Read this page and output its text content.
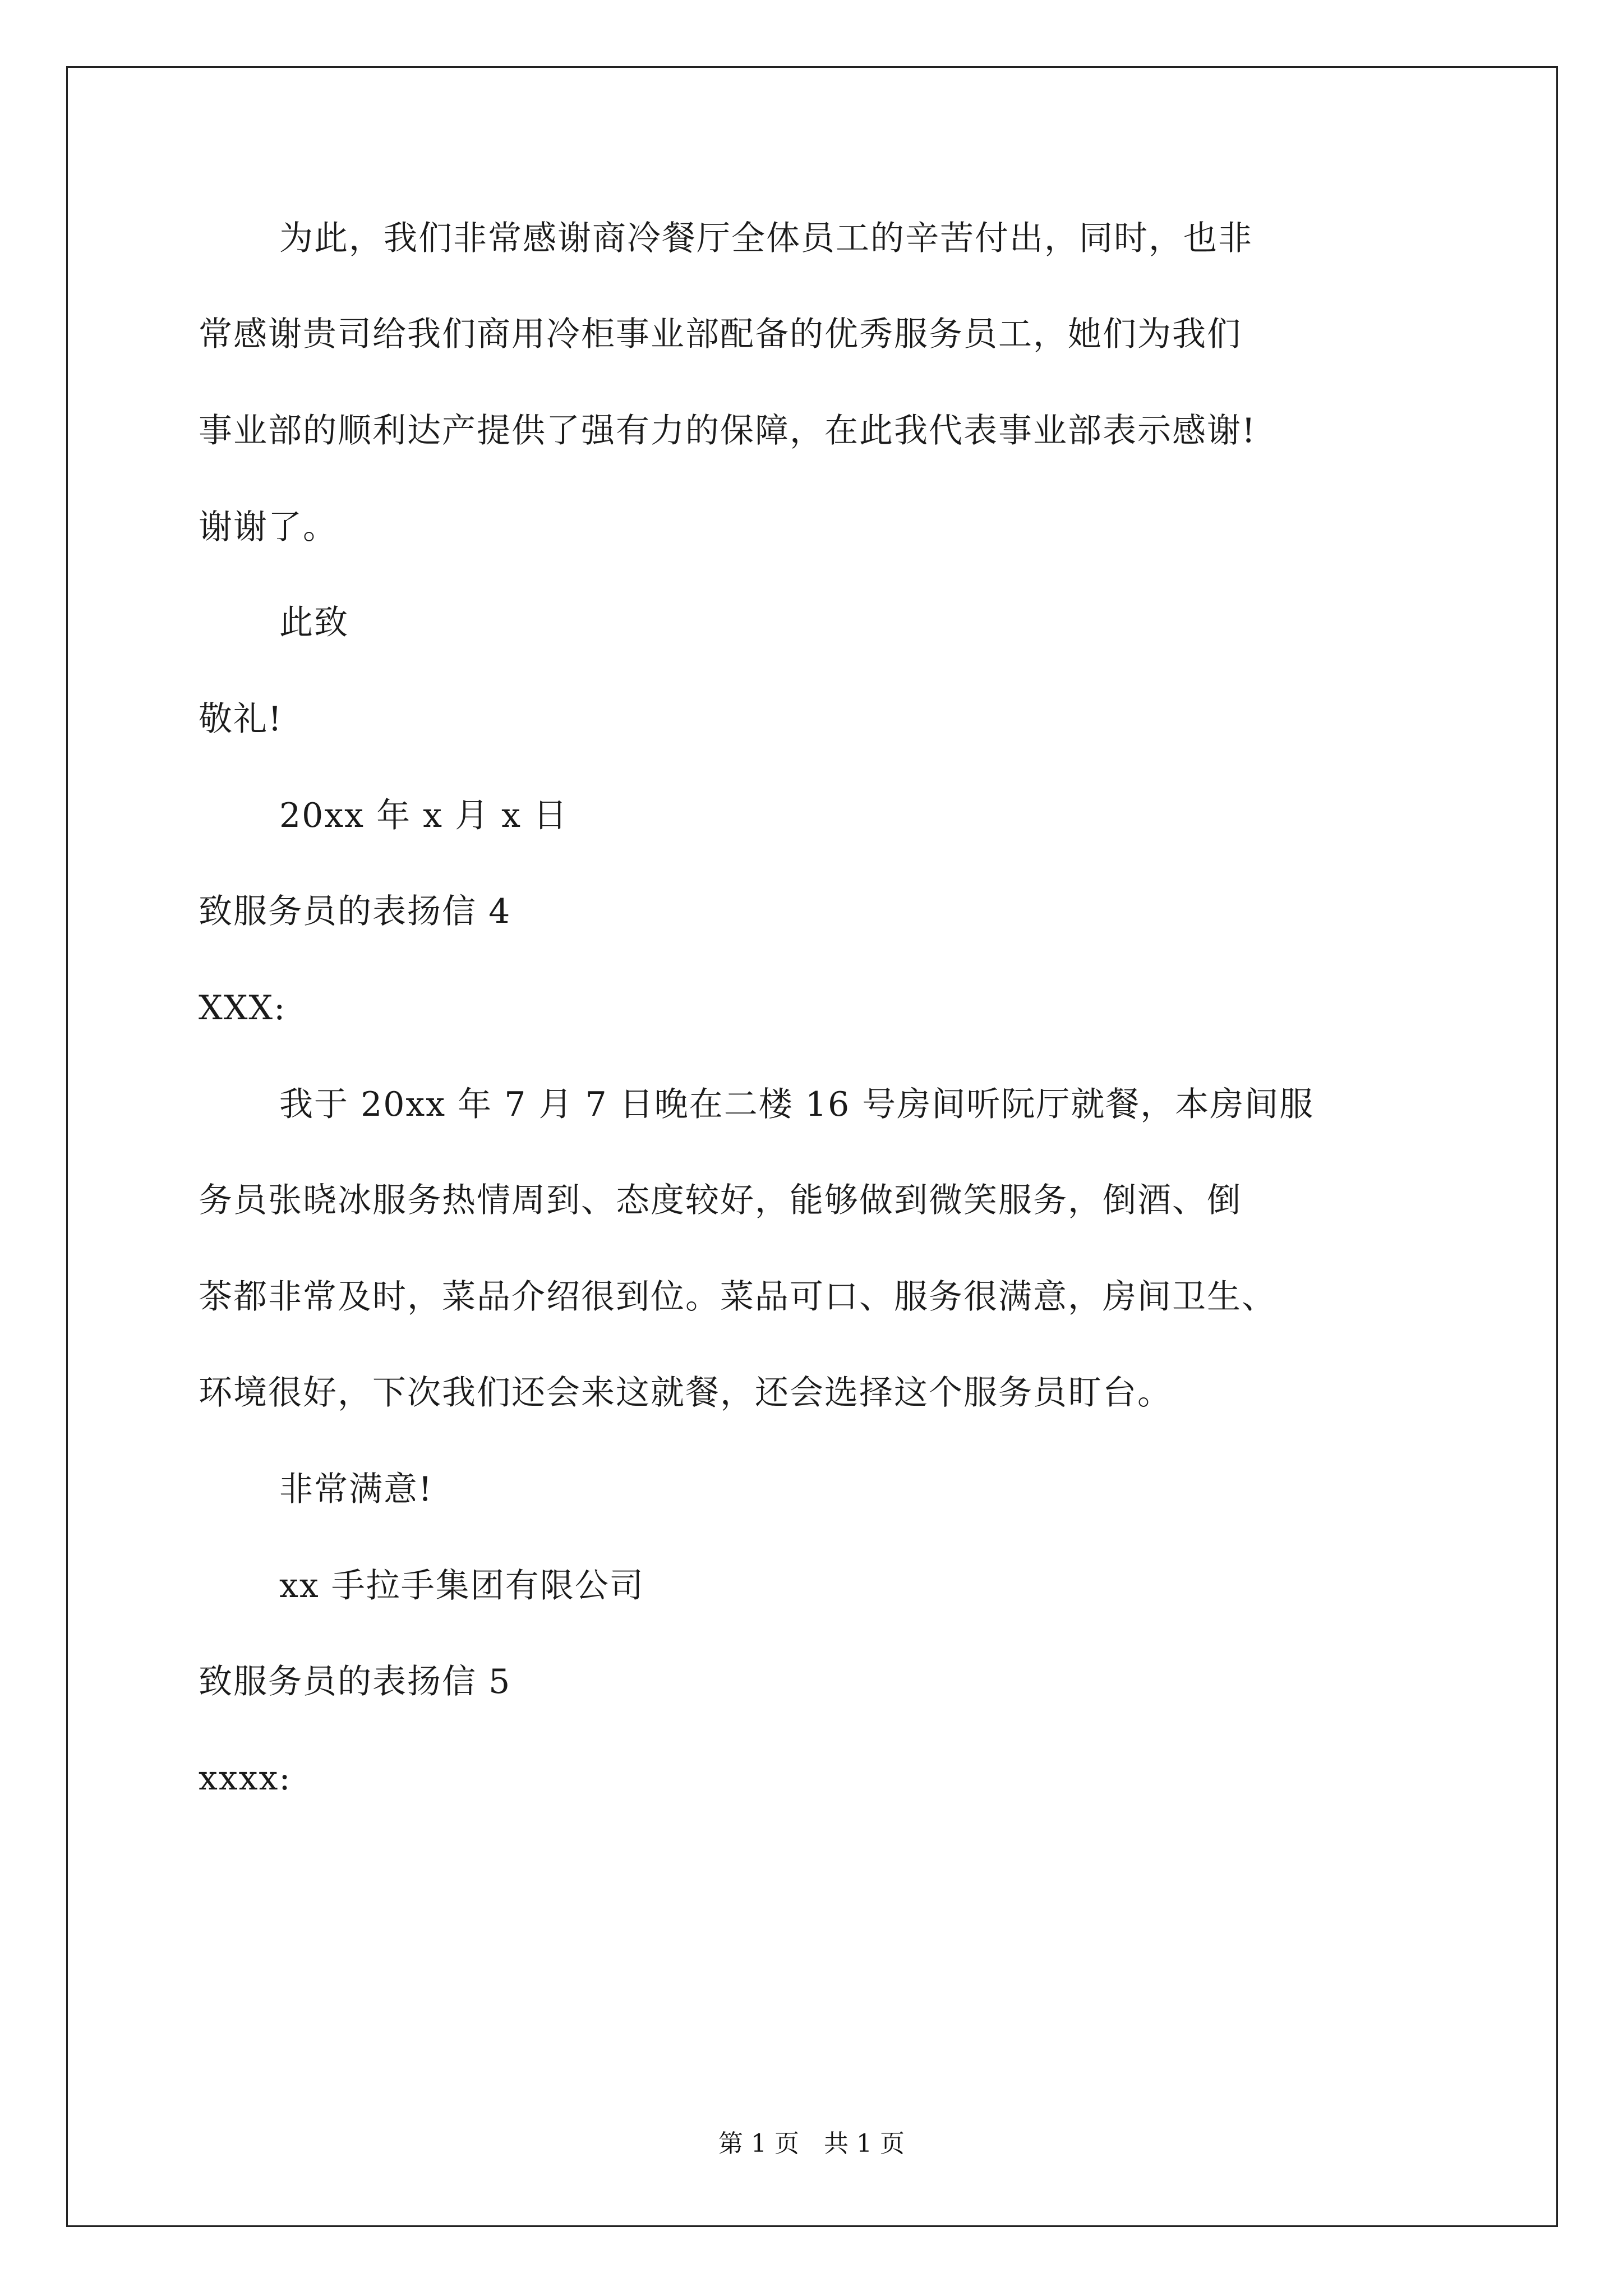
为此，我们非常感谢商冷餐厅全体员工的辛苦付出，同时，也非

常感谢贵司给我们商用冷柜事业部配备的优秀服务员工，她们为我们

事业部的顺利达产提供了强有力的保障，在此我代表事业部表示感谢!

谢谢了。

此致

敬礼!

20xx 年 x 月 x 日

致服务员的表扬信 4

XXX:

我于 20xx 年 7 月 7 日晚在二楼 16 号房间听阮厅就餐，本房间服

务员张晓冰服务热情周到、态度较好，能够做到微笑服务，倒酒、倒

茶都非常及时，菜品介绍很到位。菜品可口、服务很满意，房间卫生、

环境很好，下次我们还会来这就餐，还会选择这个服务员盯台。

非常满意!

xx 手拉手集团有限公司

致服务员的表扬信 5

xxxx:

第 1 页　共 1 页
